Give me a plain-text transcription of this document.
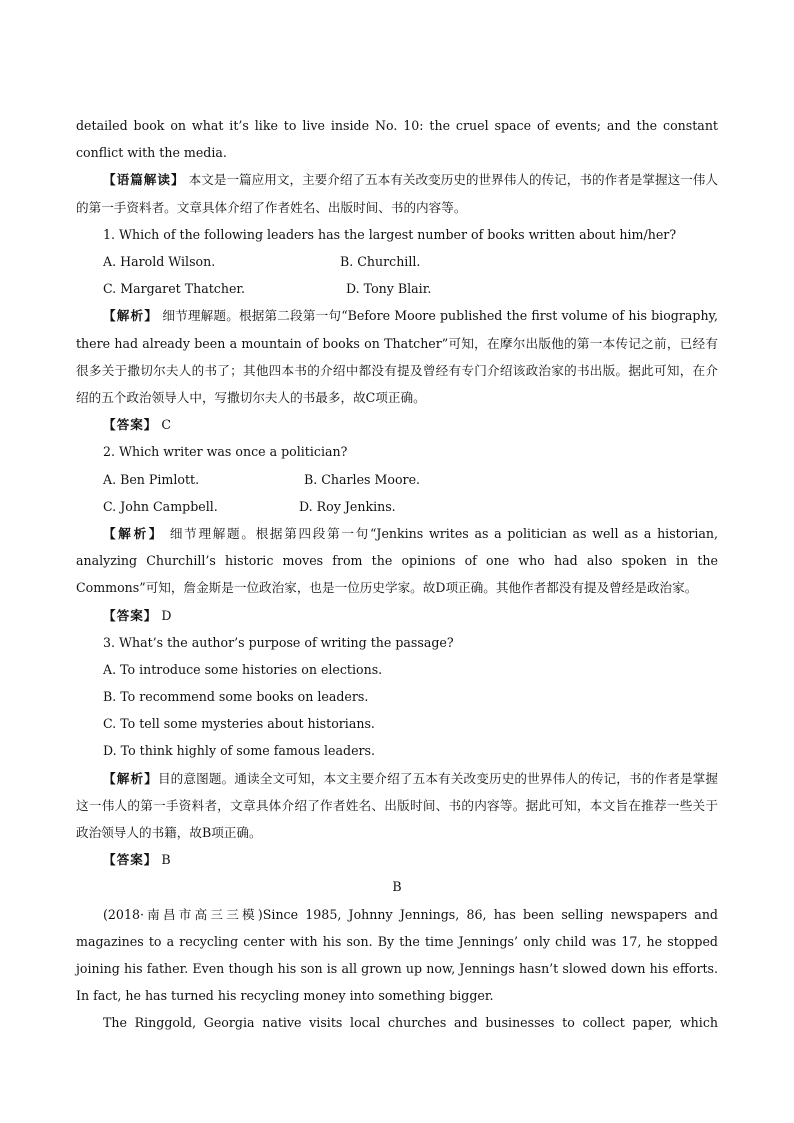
detailed book on what it’s like to live inside No. 10: the cruel space of events; and the constant
conflict with the media.
【语篇解读】 本文是一篇应用文，主要介绍了五本有关改变历史的世界伟人的传记，书的作者是掌握这一伟人的第一手资料者。文章具体介绍了作者姓名、出版时间、书的内容等。
1. Which of the following leaders has the largest number of books written about him/her?
A. Harold Wilson.	B. Churchill.
C. Margaret Thatcher.	D. Tony Blair.
【解析】 细节理解题。根据第二段第一句“Before Moore published the first volume of his biography, there had already been a mountain of books on Thatcher”可知，在摩尔出版他的第一本传记之前，已经有很多关于撒切尔夫人的书了；其他四本书的介绍中都没有提及曾经有专门介绍该政治家的书出版。据此可知，在介绍的五个政治领导人中，写撒切尔夫人的书最多，故C项正确。
【答案】 C
2. Which writer was once a politician?
A. Ben Pimlott.	B. Charles Moore.
C. John Campbell.	D. Roy Jenkins.
【解析】 细节理解题。根据第四段第一句“Jenkins writes as a politician as well as a historian, analyzing Churchill’s historic moves from the opinions of one who had also spoken in the Commons”可知，詹金斯是一位政治家，也是一位历史学家。故D项正确。其他作者都没有提及曾经是政治家。
【答案】 D
3. What’s the author’s purpose of writing the passage?
A. To introduce some histories on elections.
B. To recommend some books on leaders.
C. To tell some mysteries about historians.
D. To think highly of some famous leaders.
【解析】目的意图题。通读全文可知，本文主要介绍了五本有关改变历史的世界伟人的传记，书的作者是掌握这一伟人的第一手资料者，文章具体介绍了作者姓名、出版时间、书的内容等。据此可知，本文旨在推荐一些关于政治领导人的书籍，故B项正确。
【答案】 B
B
(2018·南昌市高三三模)Since 1985, Johnny Jennings, 86, has been selling newspapers and magazines to a recycling center with his son. By the time Jennings’ only child was 17, he stopped joining his father. Even though his son is all grown up now, Jennings hasn’t slowed down his efforts. In fact, he has turned his recycling money into something bigger.
The Ringgold, Georgia native visits local churches and businesses to collect paper, which
